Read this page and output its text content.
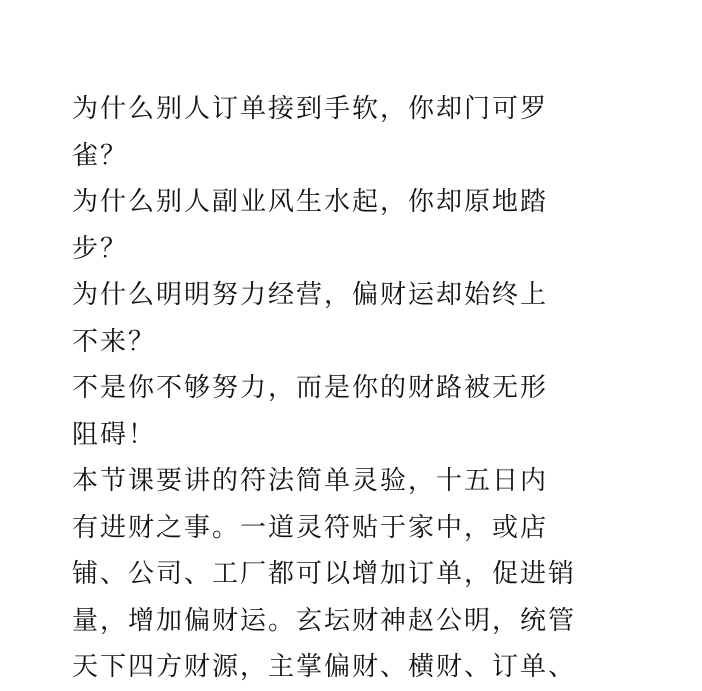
为什么别人订单接到手软，你却门可罗
雀？
为什么别人副业风生水起，你却原地踏
步？
为什么明明努力经营，偏财运却始终上
不来？
不是你不够努力，而是你的财路被无形
阻碍！
本节课要讲的符法简单灵验，十五日内
有进财之事。一道灵符贴于家中，或店
铺、公司、工厂都可以增加订单，促进销
量，增加偏财运。玄坛财神赵公明，统管
天下四方财源，主掌偏财、横财、订单、
